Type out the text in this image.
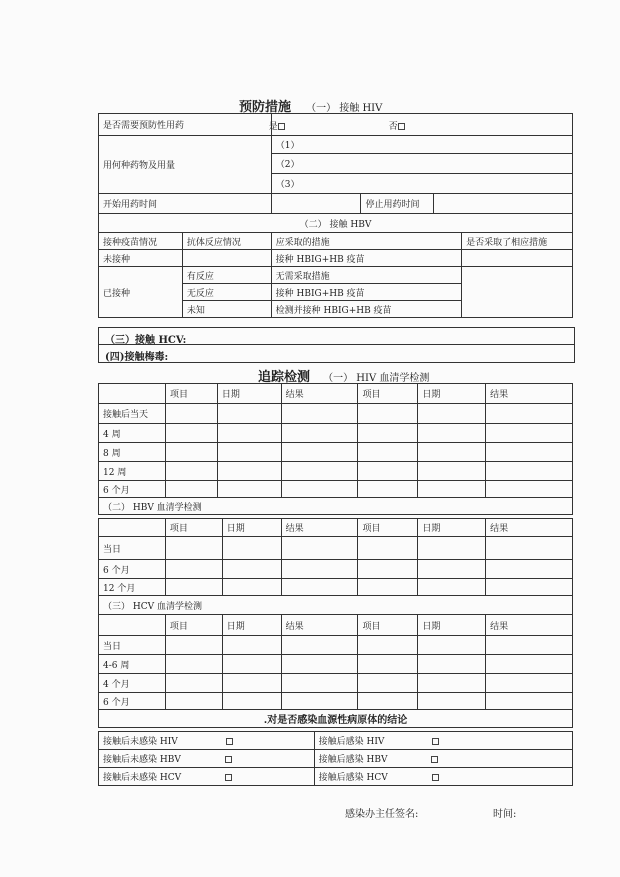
预防措施 （一） 接触 HIV
是否需要预防性用药	是 否		

用何种药物及用量	（1）		
	（2）		
	（3）		
开始用药时间		停止用药时间	
（二） 接触 HBV			
接种疫苗情况	抗体反应情况	应采取的措施	是否采取了相应措施
未接种		接种 HBIG+HB 疫苗	
已接种	有反应	无需采取措施	
	无反应	接种 HBIG+HB 疫苗	
	未知	检测并接种 HBIG+HB 疫苗	
（三）接触 HCV:
(四)接触梅毒:
追踪检测 （一） HIV 血清学检测
	项目	日期	结果	项目	日期	结果
接触后当天						
4 周						
8 周						
12 周						
6 个月						
（二） HBV 血清学检测						
	项目	日期	结果	项目	日期	结果
当日						
6 个月						
12 个月						
（三） HCV 血清学检测						
	项目	日期	结果	项目	日期	结果
当日						
4-6 周						
4 个月						
6 个月						
.对是否感染血源性病原体的结论						
接触后未感染 HIV	接触后感染 HIV
接触后未感染 HBV	接触后感染 HBV
接触后未感染 HCV	接触后感染 HCV
感染办主任签名:	时间:
